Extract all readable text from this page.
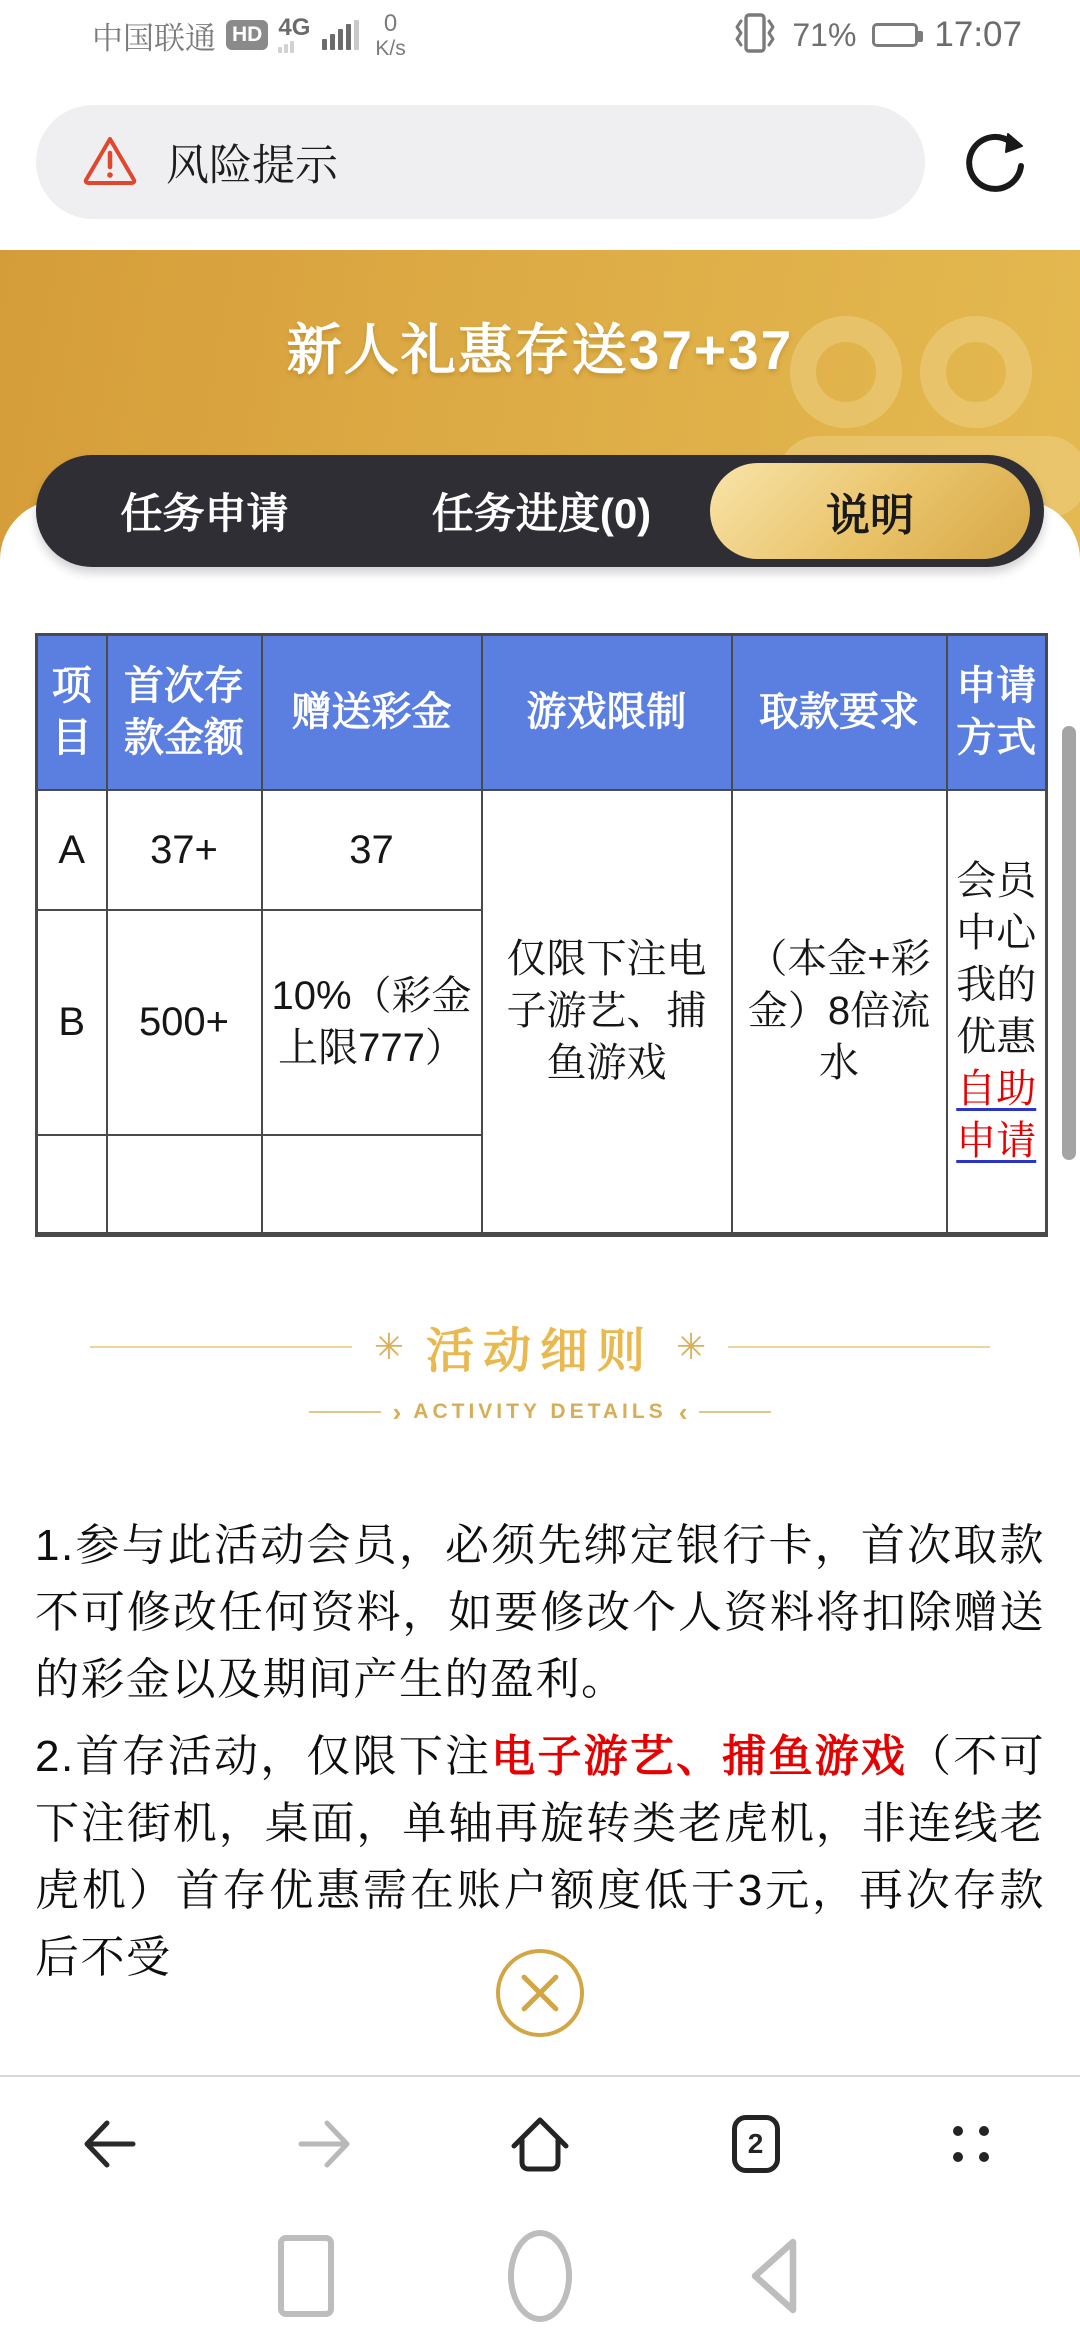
中国联通 HD 4G	0
K/s	71% 17:07
风险提示
新人礼惠存送37+37
任务申请	任务进度(0)	说明
项目	首次存款金额	赠送彩金	游戏限制	取款要求	申请方式
A	37+	37	仅限下注电子游艺、捕鱼游戏	（本金+彩金）8倍流水	会员中心我的优惠自助申请
B	500+	10%（彩金上限777）			

✳ 活动细则 ✳
› ACTIVITY DETAILS ‹

1.参与此活动会员，必须先绑定银行卡，首次取款不可修改任何资料，如要修改个人资料将扣除赠送的彩金以及期间产生的盈利。

2.首存活动，仅限下注电子游艺、捕鱼游戏（不可下注街机，桌面，单轴再旋转类老虎机，非连线老虎机）首存优惠需在账户额度低于3元，再次存款后不受

2
